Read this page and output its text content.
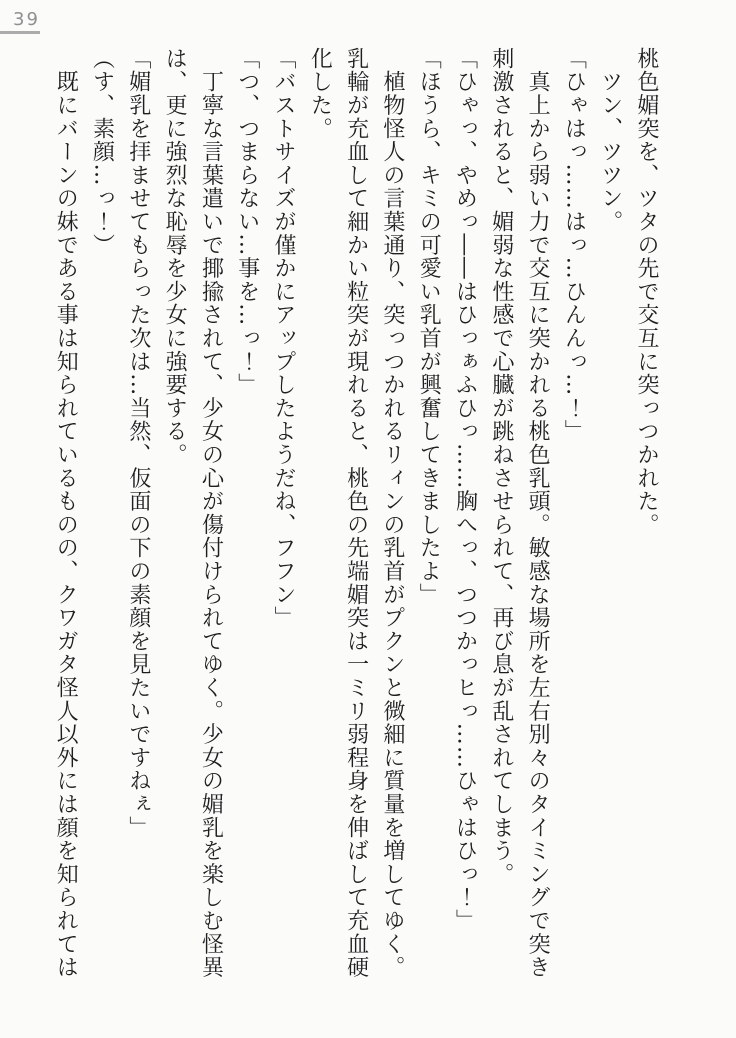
39

桃色媚突を、ツタの先で交互に突っつかれた。

　ツン、ツツン。

「ひゃはっ……はっ…ひんんっ…！」

　真上から弱い力で交互に突かれる桃色乳頭。敏感な場所を左右別々のタイミングで突き刺激されると、媚弱な性感で心臓が跳ねさせられて、再び息が乱されてしまう。

「ひゃっ、やめっ――はひっぁふひっ……胸へっ、つつかっヒっ……ひゃはひっ！」

「ほうら、キミの可愛い乳首が興奮してきましたよ」

　植物怪人の言葉通り、突っつかれるリィンの乳首がプクンと微細に質量を増してゆく。乳輪が充血して細かい粒突が現れると、桃色の先端媚突は一ミリ弱程身を伸ばして充血硬化した。

「バストサイズが僅かにアップしたようだね、フフン」

「つ、つまらない…事を…っ！」

　丁寧な言葉遣いで揶揄されて、少女の心が傷付けられてゆく。少女の媚乳を楽しむ怪異は、更に強烈な恥辱を少女に強要する。

「媚乳を拝ませてもらった次は…当然、仮面の下の素顔を見たいですねぇ」

（す、素顔…っ！）

　既にバーンの妹である事は知られているものの、クワガタ怪人以外には顔を知られては
